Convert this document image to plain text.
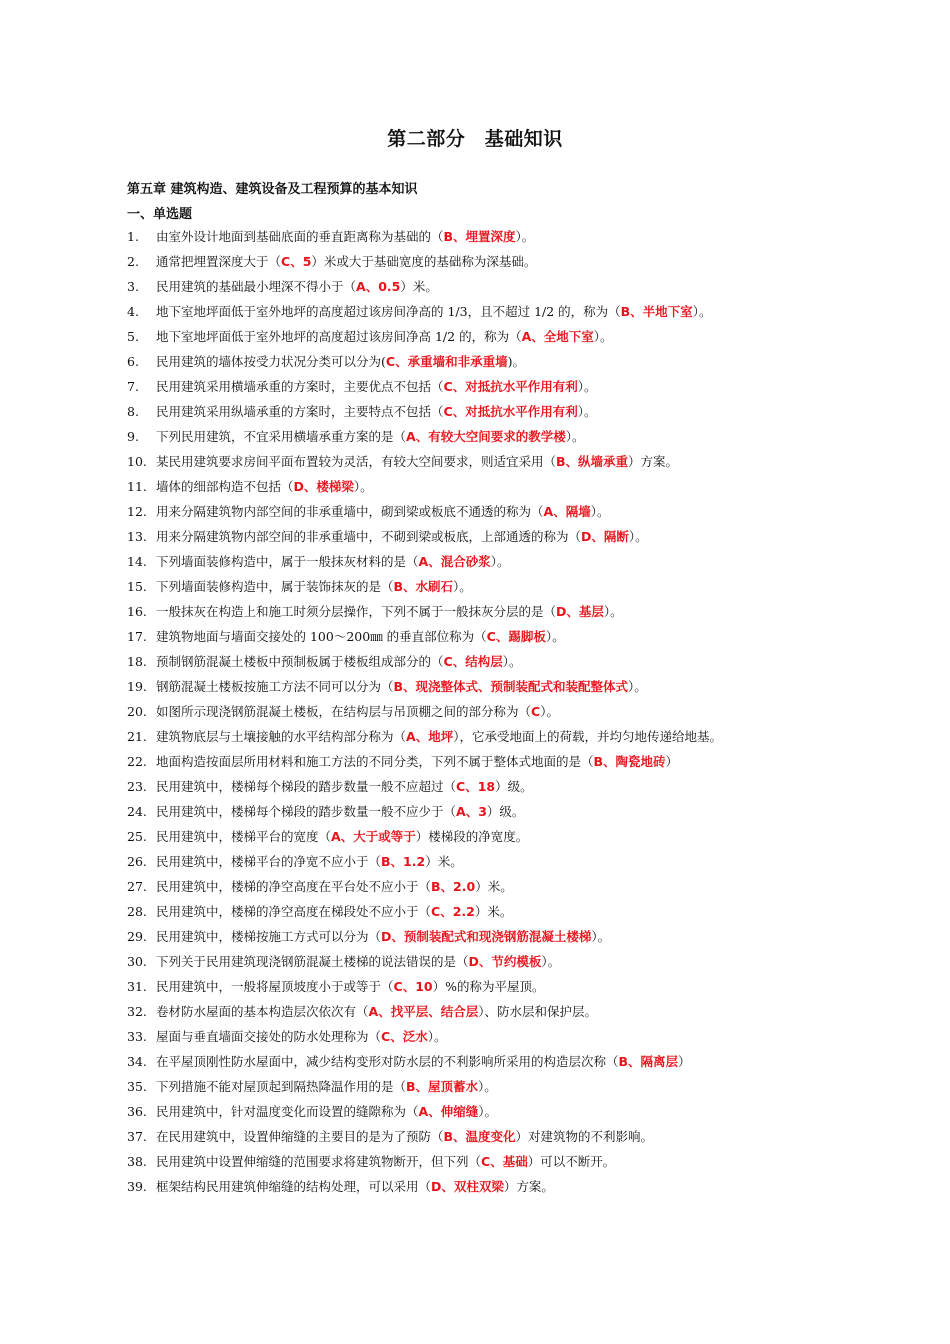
第二部分　基础知识
第五章 建筑构造、建筑设备及工程预算的基本知识
一、单选题
1. 由室外设计地面到基础底面的垂直距离称为基础的（B、埋置深度）。
2. 通常把埋置深度大于（C、5）米或大于基础宽度的基础称为深基础。
3. 民用建筑的基础最小埋深不得小于（A、0.5）米。
4. 地下室地坪面低于室外地坪的高度超过该房间净高的 1/3，且不超过 1/2 的，称为（B、半地下室）。
5. 地下室地坪面低于室外地坪的高度超过该房间净高 1/2 的，称为（A、全地下室）。
6. 民用建筑的墙体按受力状况分类可以分为(C、承重墙和非承重墙)。
7. 民用建筑采用横墙承重的方案时，主要优点不包括（C、对抵抗水平作用有利）。
8. 民用建筑采用纵墙承重的方案时，主要特点不包括（C、对抵抗水平作用有利）。
9. 下列民用建筑，不宜采用横墙承重方案的是（A、有较大空间要求的教学楼）。
10. 某民用建筑要求房间平面布置较为灵活，有较大空间要求，则适宜采用（B、纵墙承重）方案。
11. 墙体的细部构造不包括（D、楼梯梁）。
12. 用来分隔建筑物内部空间的非承重墙中，砌到梁或板底不通透的称为（A、隔墙）。
13. 用来分隔建筑物内部空间的非承重墙中，不砌到梁或板底，上部通透的称为（D、隔断）。
14. 下列墙面装修构造中，属于一般抹灰材料的是（A、混合砂浆）。
15. 下列墙面装修构造中，属于装饰抹灰的是（B、水刷石）。
16. 一般抹灰在构造上和施工时须分层操作，下列不属于一般抹灰分层的是（D、基层）。
17. 建筑物地面与墙面交接处的 100～200㎜ 的垂直部位称为（C、踢脚板）。
18. 预制钢筋混凝土楼板中预制板属于楼板组成部分的（C、结构层）。
19. 钢筋混凝土楼板按施工方法不同可以分为（B、现浇整体式、预制装配式和装配整体式）。
20. 如图所示现浇钢筋混凝土楼板，在结构层与吊顶棚之间的部分称为（C）。
21. 建筑物底层与土壤接触的水平结构部分称为（A、地坪），它承受地面上的荷载，并均匀地传递给地基。
22. 地面构造按面层所用材料和施工方法的不同分类，下列不属于整体式地面的是（B、陶瓷地砖）
23. 民用建筑中，楼梯每个梯段的踏步数量一般不应超过（C、18）级。
24. 民用建筑中，楼梯每个梯段的踏步数量一般不应少于（A、3）级。
25. 民用建筑中，楼梯平台的宽度（A、大于或等于）楼梯段的净宽度。
26. 民用建筑中，楼梯平台的净宽不应小于（B、1.2）米。
27. 民用建筑中，楼梯的净空高度在平台处不应小于（B、2.0）米。
28. 民用建筑中，楼梯的净空高度在梯段处不应小于（C、2.2）米。
29. 民用建筑中，楼梯按施工方式可以分为（D、预制装配式和现浇钢筋混凝土楼梯）。
30. 下列关于民用建筑现浇钢筋混凝土楼梯的说法错误的是（D、节约模板）。
31. 民用建筑中，一般将屋顶坡度小于或等于（C、10）%的称为平屋顶。
32. 卷材防水屋面的基本构造层次依次有（A、找平层、结合层）、防水层和保护层。
33. 屋面与垂直墙面交接处的防水处理称为（C、泛水）。
34. 在平屋顶刚性防水屋面中，减少结构变形对防水层的不利影响所采用的构造层次称（B、隔离层）
35. 下列措施不能对屋顶起到隔热降温作用的是（B、屋顶蓄水）。
36. 民用建筑中，针对温度变化而设置的缝隙称为（A、伸缩缝）。
37. 在民用建筑中，设置伸缩缝的主要目的是为了预防（B、温度变化）对建筑物的不利影响。
38. 民用建筑中设置伸缩缝的范围要求将建筑物断开，但下列（C、基础）可以不断开。
39. 框架结构民用建筑伸缩缝的结构处理，可以采用（D、双柱双梁）方案。
